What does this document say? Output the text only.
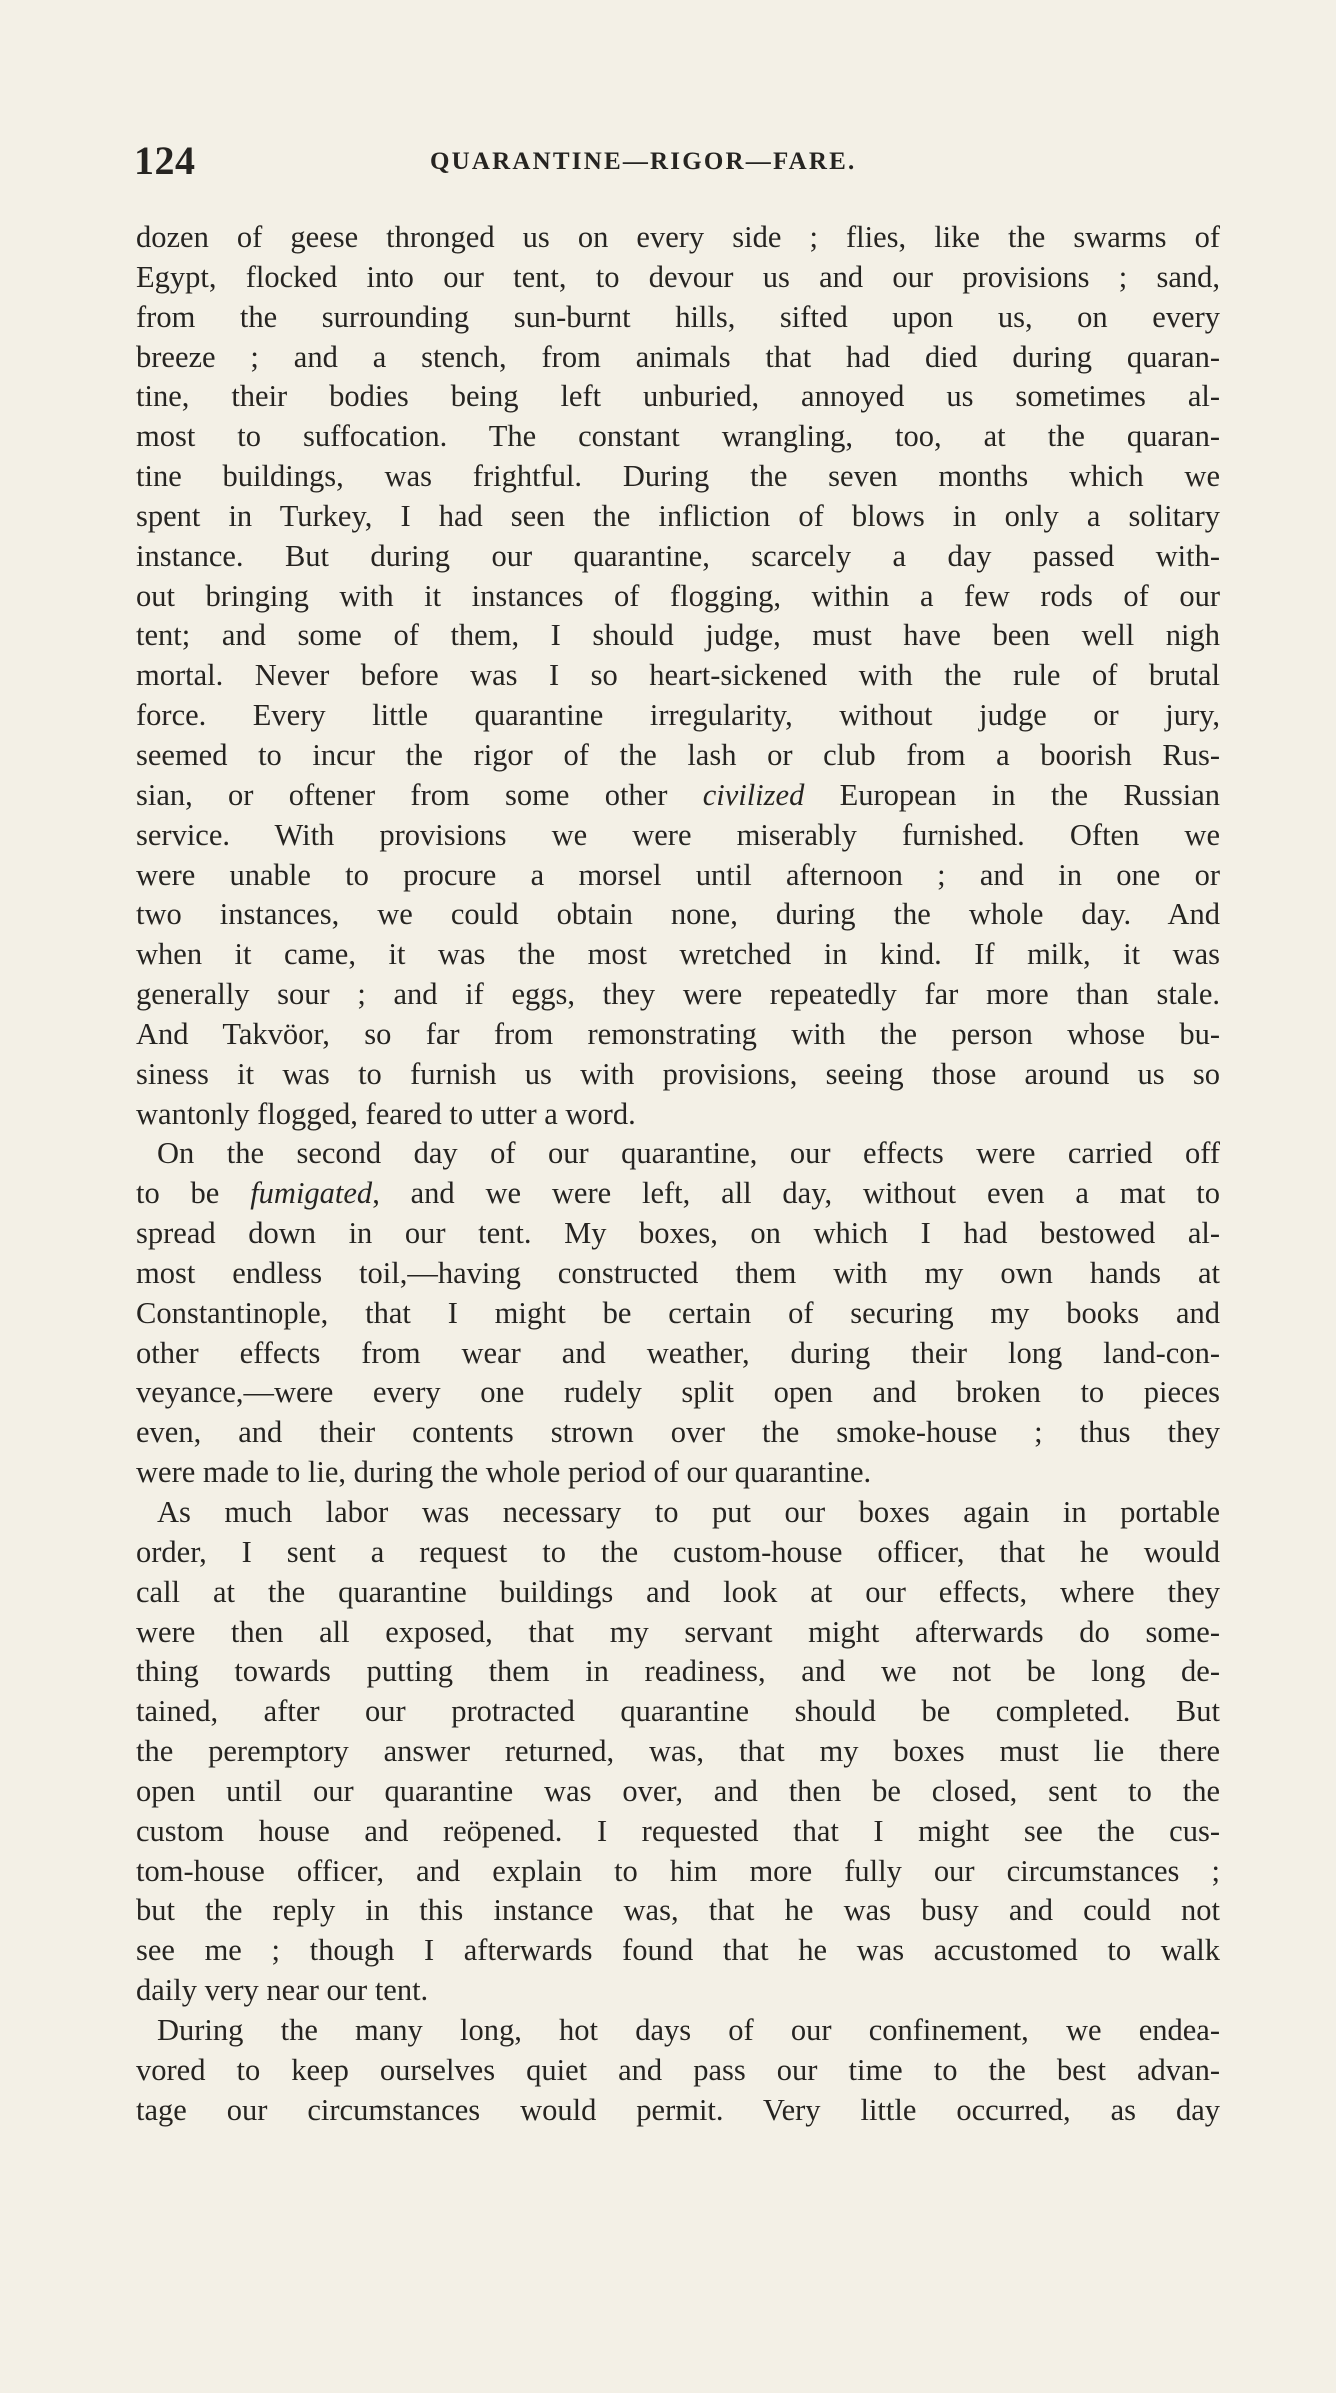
124	QUARANTINE—RIGOR—FARE.
dozen of geese thronged us on every side ; flies, like the swarms of
Egypt, flocked into our tent, to devour us and our provisions ; sand,
from the surrounding sun-burnt hills, sifted upon us, on every
breeze ; and a stench, from animals that had died during quaran-
tine, their bodies being left unburied, annoyed us sometimes al-
most to suffocation. The constant wrangling, too, at the quaran-
tine buildings, was frightful. During the seven months which we
spent in Turkey, I had seen the infliction of blows in only a solitary
instance. But during our quarantine, scarcely a day passed with-
out bringing with it instances of flogging, within a few rods of our
tent; and some of them, I should judge, must have been well nigh
mortal. Never before was I so heart-sickened with the rule of brutal
force. Every little quarantine irregularity, without judge or jury,
seemed to incur the rigor of the lash or club from a boorish Rus-
sian, or oftener from some other civilized European in the Russian
service. With provisions we were miserably furnished. Often we
were unable to procure a morsel until afternoon ; and in one or
two instances, we could obtain none, during the whole day. And
when it came, it was the most wretched in kind. If milk, it was
generally sour ; and if eggs, they were repeatedly far more than stale.
And Takvöor, so far from remonstrating with the person whose bu-
siness it was to furnish us with provisions, seeing those around us so
wantonly flogged, feared to utter a word.
On the second day of our quarantine, our effects were carried off
to be fumigated, and we were left, all day, without even a mat to
spread down in our tent. My boxes, on which I had bestowed al-
most endless toil,—having constructed them with my own hands at
Constantinople, that I might be certain of securing my books and
other effects from wear and weather, during their long land-con-
veyance,—were every one rudely split open and broken to pieces
even, and their contents strown over the smoke-house ; thus they
were made to lie, during the whole period of our quarantine.
As much labor was necessary to put our boxes again in portable
order, I sent a request to the custom-house officer, that he would
call at the quarantine buildings and look at our effects, where they
were then all exposed, that my servant might afterwards do some-
thing towards putting them in readiness, and we not be long de-
tained, after our protracted quarantine should be completed. But
the peremptory answer returned, was, that my boxes must lie there
open until our quarantine was over, and then be closed, sent to the
custom house and reöpened. I requested that I might see the cus-
tom-house officer, and explain to him more fully our circumstances ;
but the reply in this instance was, that he was busy and could not
see me ; though I afterwards found that he was accustomed to walk
daily very near our tent.
During the many long, hot days of our confinement, we endea-
vored to keep ourselves quiet and pass our time to the best advan-
tage our circumstances would permit. Very little occurred, as day
